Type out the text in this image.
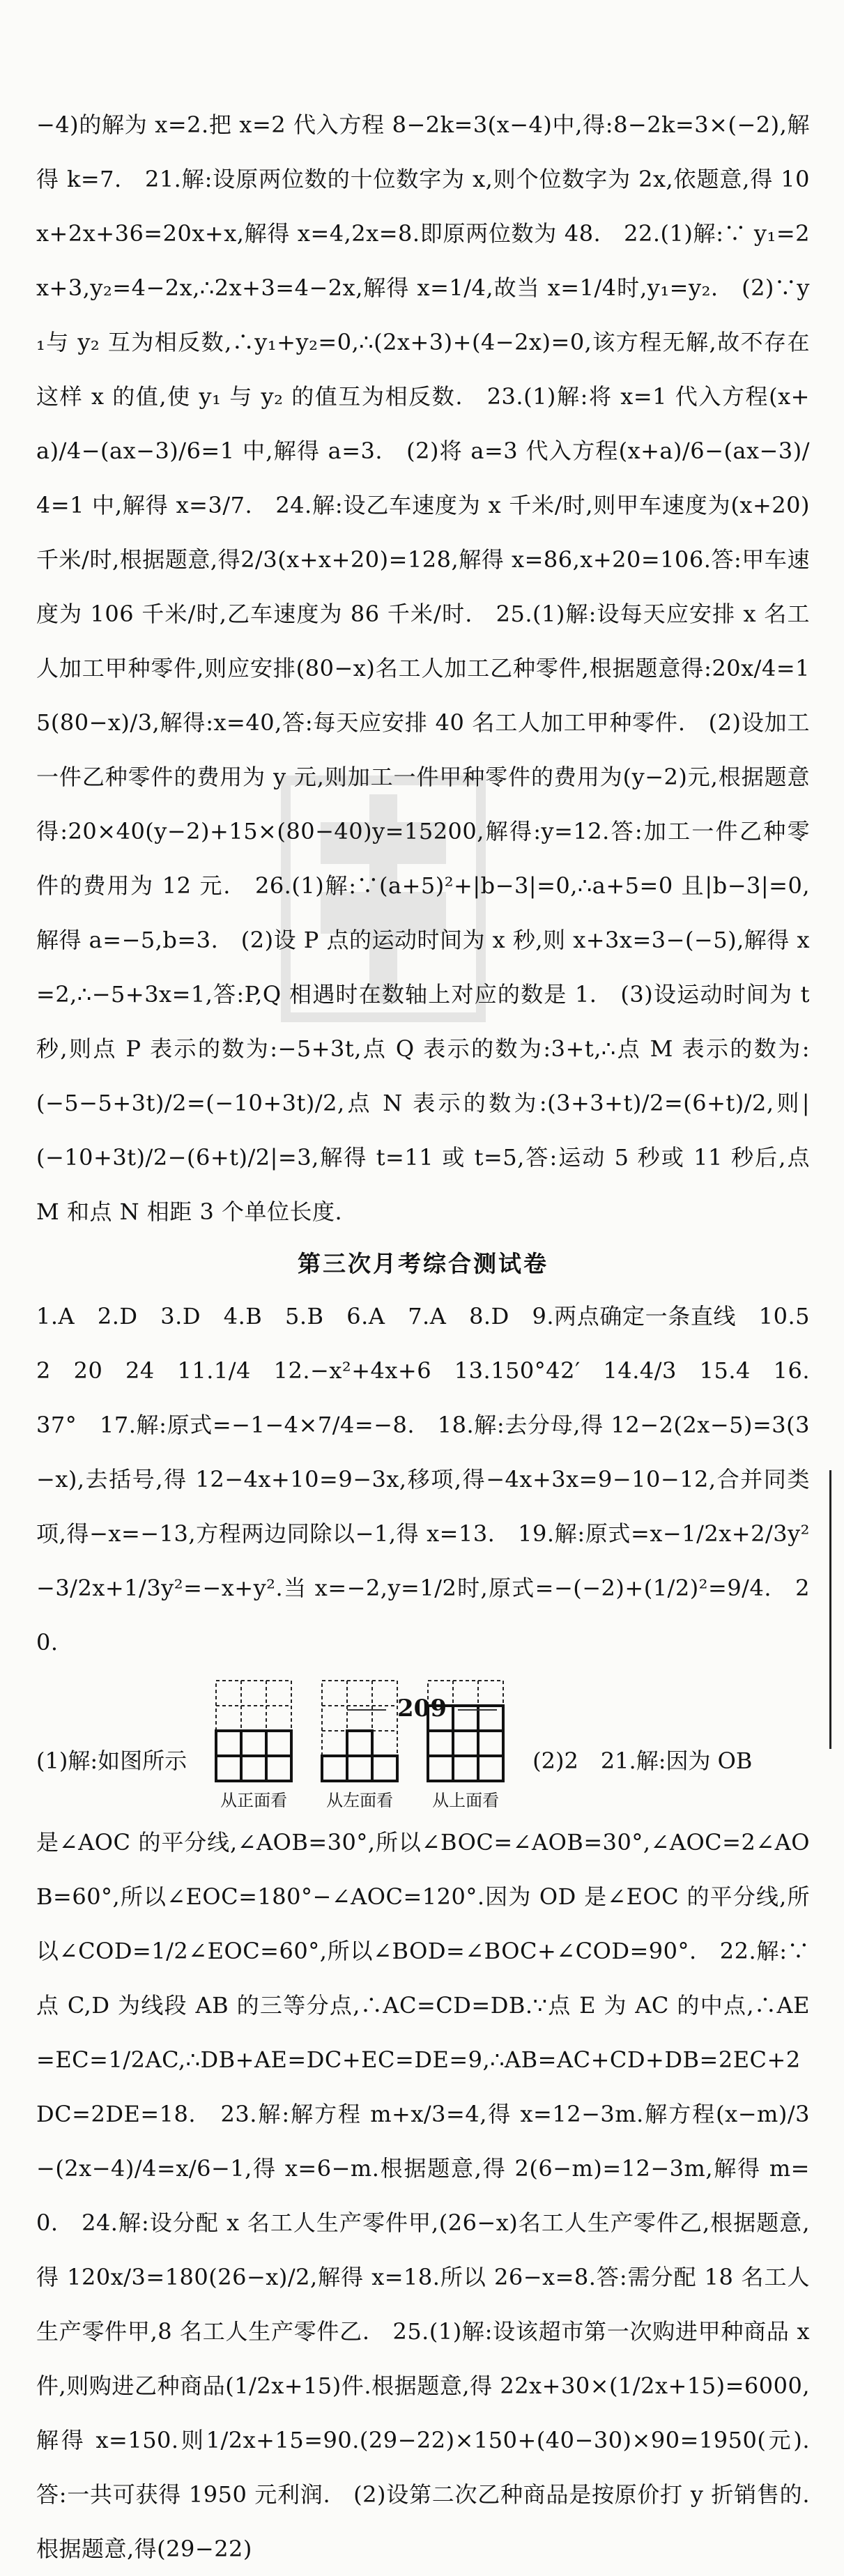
−4)的解为 x=2.把 x=2 代入方程 8−2k=3(x−4)中,得:8−2k=3×(−2),解得 k=7.　21.解:设原两位数的十位数字为 x,则个位数字为 2x,依题意,得 10x+2x+36=20x+x,解得 x=4,2x=8.即原两位数为 48.　22.(1)解:∵ y₁=2x+3,y₂=4−2x,∴2x+3=4−2x,解得 x=1/4,故当 x=1/4时,y₁=y₂.　(2)∵y₁与 y₂ 互为相反数,∴y₁+y₂=0,∴(2x+3)+(4−2x)=0,该方程无解,故不存在这样 x 的值,使 y₁ 与 y₂ 的值互为相反数.　23.(1)解:将 x=1 代入方程(x+a)/4−(ax−3)/6=1 中,解得 a=3.　(2)将 a=3 代入方程(x+a)/6−(ax−3)/4=1 中,解得 x=3/7.　24.解:设乙车速度为 x 千米/时,则甲车速度为(x+20)千米/时,根据题意,得2/3(x+x+20)=128,解得 x=86,x+20=106.答:甲车速度为 106 千米/时,乙车速度为 86 千米/时.　25.(1)解:设每天应安排 x 名工人加工甲种零件,则应安排(80−x)名工人加工乙种零件,根据题意得:20x/4=15(80−x)/3,解得:x=40,答:每天应安排 40 名工人加工甲种零件.　(2)设加工一件乙种零件的费用为 y 元,则加工一件甲种零件的费用为(y−2)元,根据题意得:20×40(y−2)+15×(80−40)y=15200,解得:y=12.答:加工一件乙种零件的费用为 12 元.　26.(1)解:∵(a+5)²+|b−3|=0,∴a+5=0 且|b−3|=0,解得 a=−5,b=3.　(2)设 P 点的运动时间为 x 秒,则 x+3x=3−(−5),解得 x=2,∴−5+3x=1,答:P,Q 相遇时在数轴上对应的数是 1.　(3)设运动时间为 t 秒,则点 P 表示的数为:−5+3t,点 Q 表示的数为:3+t,∴点 M 表示的数为:(−5−5+3t)/2=(−10+3t)/2,点 N 表示的数为:(3+3+t)/2=(6+t)/2,则|(−10+3t)/2−(6+t)/2|=3,解得 t=11 或 t=5,答:运动 5 秒或 11 秒后,点 M 和点 N 相距 3 个单位长度.

第三次月考综合测试卷

1.A　2.D　3.D　4.B　5.B　6.A　7.A　8.D　9.两点确定一条直线　10.52　20　24　11.1/4　12.−x²+4x+6　13.150°42′　14.4/3　15.4　16.37°　17.解:原式=−1−4×7/4=−8.　18.解:去分母,得 12−2(2x−5)=3(3−x),去括号,得 12−4x+10=9−3x,移项,得−4x+3x=9−10−12,合并同类项,得−x=−13,方程两边同除以−1,得 x=13.　19.解:原式=x−1/2x+2/3y²−3/2x+1/3y²=−x+y².当 x=−2,y=1/2时,原式=−(−2)+(1/2)²=9/4.　20.

(1)解:如图所示
从正面看 从左面看 从上面看
(2)2　21.解:因为 OB

是∠AOC 的平分线,∠AOB=30°,所以∠BOC=∠AOB=30°,∠AOC=2∠AOB=60°,所以∠EOC=180°−∠AOC=120°.因为 OD 是∠EOC 的平分线,所以∠COD=1/2∠EOC=60°,所以∠BOD=∠BOC+∠COD=90°.　22.解:∵点 C,D 为线段 AB 的三等分点,∴AC=CD=DB.∵点 E 为 AC 的中点,∴AE=EC=1/2AC,∴DB+AE=DC+EC=DE=9,∴AB=AC+CD+DB=2EC+2DC=2DE=18.　23.解:解方程 m+x/3=4,得 x=12−3m.解方程(x−m)/3−(2x−4)/4=x/6−1,得 x=6−m.根据题意,得 2(6−m)=12−3m,解得 m=0.　24.解:设分配 x 名工人生产零件甲,(26−x)名工人生产零件乙,根据题意,得 120x/3=180(26−x)/2,解得 x=18.所以 26−x=8.答:需分配 18 名工人生产零件甲,8 名工人生产零件乙.　25.(1)解:设该超市第一次购进甲种商品 x 件,则购进乙种商品(1/2x+15)件.根据题意,得 22x+30×(1/2x+15)=6000,解得 x=150.则1/2x+15=90.(29−22)×150+(40−30)×90=1950(元).答:一共可获得 1950 元利润.　(2)设第二次乙种商品是按原价打 y 折销售的.根据题意,得(29−22)

209
